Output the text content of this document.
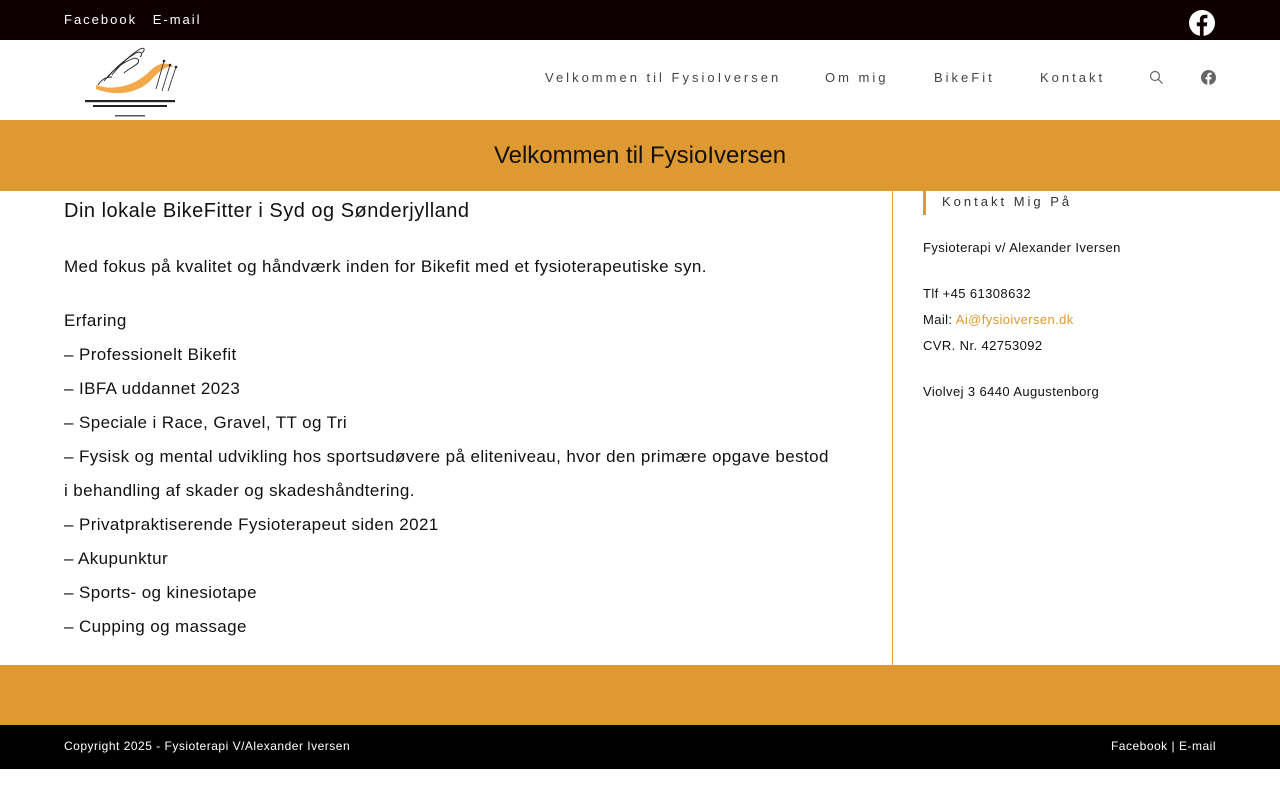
Facebook E-mail
Velkommen til FysioIversen	Om mig	BikeFit	Kontakt
Velkommen til FysioIversen
Din lokale BikeFitter i Syd og Sønderjylland

Med fokus på kvalitet og håndværk inden for Bikefit med et fysioterapeutiske syn.

Erfaring

– Professionelt Bikefit

– IBFA uddannet 2023

– Speciale i Race, Gravel, TT og Tri

– Fysisk og mental udvikling hos sportsudøvere på eliteniveau, hvor den primære opgave bestod

i behandling af skader og skadeshåndtering.

– Privatpraktiserende Fysioterapeut siden 2021

– Akupunktur

– Sports- og kinesiotape

– Cupping og massage

Kontakt Mig På
Fysioterapi v/ Alexander Iversen
Tlf +45 61308632
Mail: Ai@fysioiversen.dk
CVR. Nr. 42753092
Violvej 3 6440 Augustenborg
Copyright 2025 - Fysioterapi V/Alexander Iversen	Facebook | E-mail
